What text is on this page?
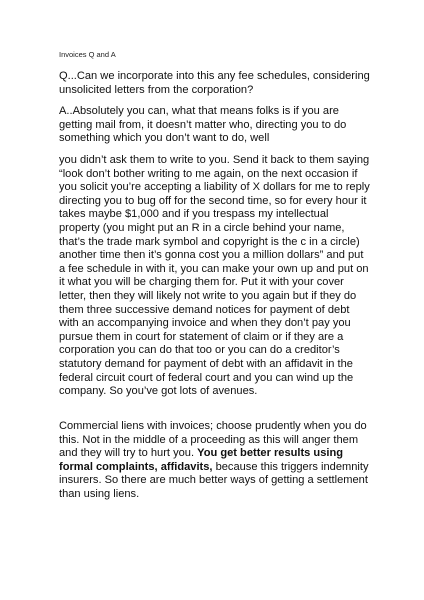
Invoices Q and A
Q...Can we incorporate into this any fee schedules, considering
unsolicited letters from the corporation?
A..Absolutely you can, what that means folks is if you are
getting mail from, it doesn’t matter who, directing you to do
something which you don’t want to do, well
you didn’t ask them to write to you. Send it back to them saying
“look don’t bother writing to me again, on the next occasion if
you solicit you’re accepting a liability of X dollars for me to reply
directing you to bug off for the second time, so for every hour it
takes maybe $1,000 and if you trespass my intellectual
property (you might put an R in a circle behind your name,
that’s the trade mark symbol and copyright is the c in a circle)
another time then it’s gonna cost you a million dollars” and put
a fee schedule in with it, you can make your own up and put on
it what you will be charging them for. Put it with your cover
letter, then they will likely not write to you again but if they do
them three successive demand notices for payment of debt
with an accompanying invoice and when they don’t pay you
pursue them in court for statement of claim or if they are a
corporation you can do that too or you can do a creditor’s
statutory demand for payment of debt with an affidavit in the
federal circuit court of federal court and you can wind up the
company. So you’ve got lots of avenues.
Commercial liens with invoices; choose prudently when you do
this. Not in the middle of a proceeding as this will anger them
and they will try to hurt you. You get better results using
formal complaints, affidavits, because this triggers indemnity
insurers. So there are much better ways of getting a settlement
than using liens.
